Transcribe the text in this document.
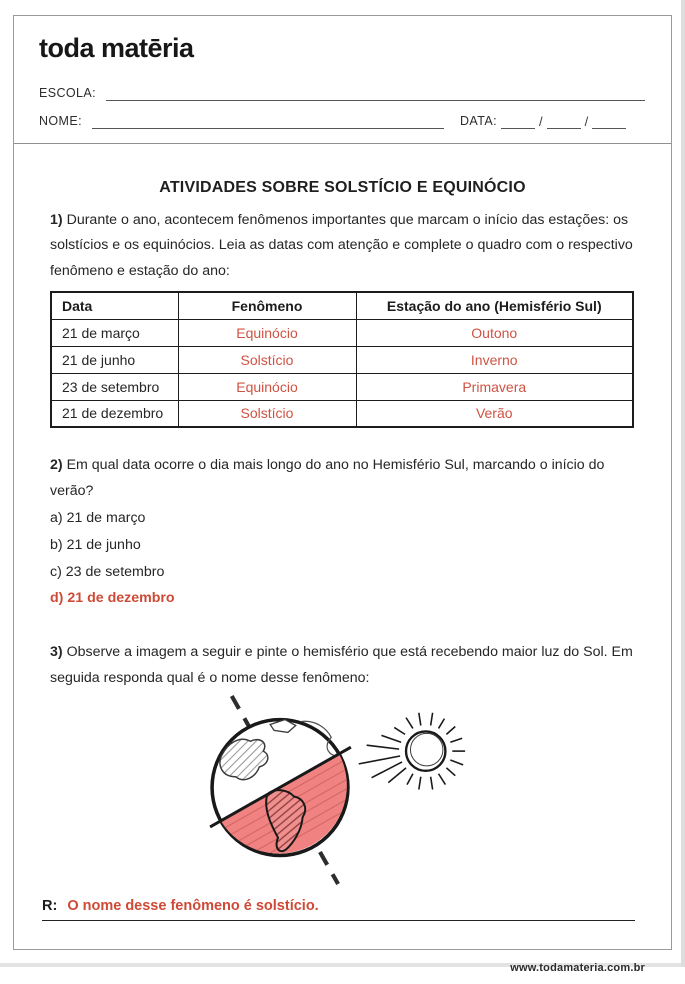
toda matēria
ESCOLA:
NOME:	DATA:	/	/
ATIVIDADES SOBRE SOLSTÍCIO E EQUINÓCIO
1) Durante o ano, acontecem fenômenos importantes que marcam o início das estações: os solstícios e os equinócios. Leia as datas com atenção e complete o quadro com o respectivo fenômeno e estação do ano:
Data	Fenômeno	Estação do ano (Hemisfério Sul)
21 de março	Equinócio	Outono
21 de junho	Solstício	Inverno
23 de setembro	Equinócio	Primavera
21 de dezembro	Solstício	Verão
2) Em qual data ocorre o dia mais longo do ano no Hemisfério Sul, marcando o início do verão?
a) 21 de março
b) 21 de junho
c) 23 de setembro
d) 21 de dezembro
3) Observe a imagem a seguir e pinte o hemisfério que está recebendo maior luz do Sol. Em seguida responda qual é o nome desse fenômeno:
R: O nome desse fenômeno é solstício.
www.todamateria.com.br
